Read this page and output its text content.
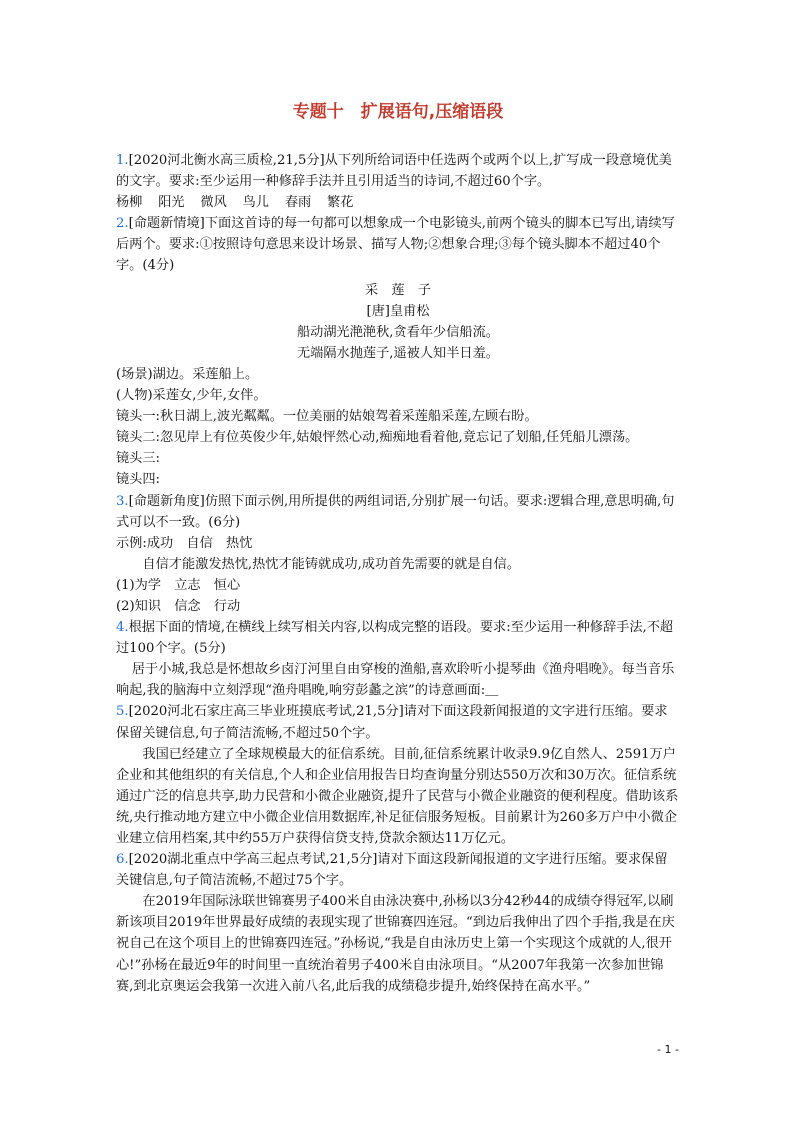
专题十　扩展语句,压缩语段

1.[2020河北衡水高三质检,21,5分]从下列所给词语中任选两个或两个以上,扩写成一段意境优美的文字。要求:至少运用一种修辞手法并且引用适当的诗词,不超过60个字。

杨柳 阳光 微风 鸟儿 春雨 繁花

2.[命题新情境]下面这首诗的每一句都可以想象成一个电影镜头,前两个镜头的脚本已写出,请续写后两个。要求:①按照诗句意思来设计场景、描写人物;②想象合理;③每个镜头脚本不超过40个字。(4分)

采　莲　子

[唐]皇甫松

船动湖光滟滟秋,贪看年少信船流。

无端隔水抛莲子,遥被人知半日羞。

(场景)湖边。采莲船上。

(人物)采莲女,少年,女伴。

镜头一:秋日湖上,波光粼粼。一位美丽的姑娘驾着采莲船采莲,左顾右盼。

镜头二:忽见岸上有位英俊少年,姑娘怦然心动,痴痴地看着他,竟忘记了划船,任凭船儿漂荡。

镜头三:

镜头四:

3.[命题新角度]仿照下面示例,用所提供的两组词语,分别扩展一句话。要求:逻辑合理,意思明确,句式可以不一致。(6分)

示例:成功　自信　热忱

自信才能激发热忱,热忱才能铸就成功,成功首先需要的就是自信。

(1)为学　立志　恒心

(2)知识　信念　行动

4.根据下面的情境,在横线上续写相关内容,以构成完整的语段。要求:至少运用一种修辞手法,不超过100个字。(5分)

居于小城,我总是怀想故乡卤汀河里自由穿梭的渔船,喜欢聆听小提琴曲《渔舟唱晚》。每当音乐响起,我的脑海中立刻浮现“渔舟唱晚,响穷彭蠡之滨”的诗意画面:＿

5.[2020河北石家庄高三毕业班摸底考试,21,5分]请对下面这段新闻报道的文字进行压缩。要求保留关键信息,句子简洁流畅,不超过50个字。

我国已经建立了全球规模最大的征信系统。目前,征信系统累计收录9.9亿自然人、2591万户企业和其他组织的有关信息,个人和企业信用报告日均查询量分别达550万次和30万次。征信系统通过广泛的信息共享,助力民营和小微企业融资,提升了民营与小微企业融资的便利程度。借助该系统,央行推动地方建立中小微企业信用数据库,补足征信服务短板。目前累计为260多万户中小微企业建立信用档案,其中约55万户获得信贷支持,贷款余额达11万亿元。

6.[2020湖北重点中学高三起点考试,21,5分]请对下面这段新闻报道的文字进行压缩。要求保留关键信息,句子简洁流畅,不超过75个字。

在2019年国际泳联世锦赛男子400米自由泳决赛中,孙杨以3分42秒44的成绩夺得冠军,以刷新该项目2019年世界最好成绩的表现实现了世锦赛四连冠。“到边后我伸出了四个手指,我是在庆祝自己在这个项目上的世锦赛四连冠。”孙杨说,“我是自由泳历史上第一个实现这个成就的人,很开心!”孙杨在最近9年的时间里一直统治着男子400米自由泳项目。“从2007年我第一次参加世锦赛,到北京奥运会我第一次进入前八名,此后我的成绩稳步提升,始终保持在高水平。”

- 1 -
